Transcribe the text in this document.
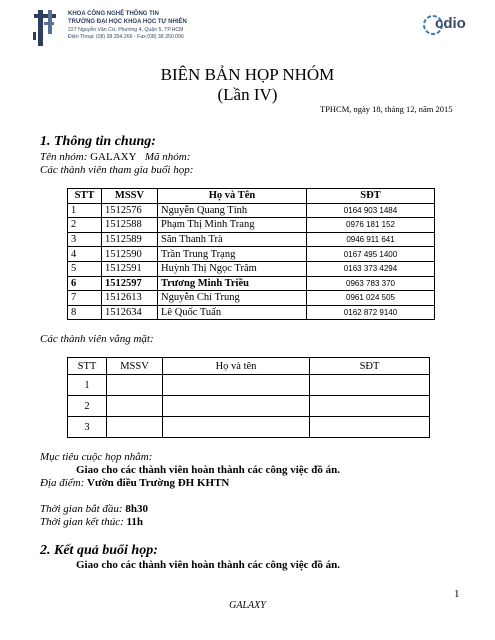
KHOA CÔNG NGHỆ THÔNG TIN
TRƯỜNG ĐẠI HỌC KHOA HỌC TỰ NHIÊN
227 Nguyễn Văn Cừ, Phường 4, Quận 5, TP.HCM
Điện Thoại: (08) 38.354.266 - Fax:(08) 38.350.096
cdio
BIÊN BẢN HỌP NHÓM
(Lần IV)
TPHCM, ngày 18, tháng 12, năm 2015
1. Thông tin chung:
Tên nhóm: GALAXY Mã nhóm:
Các thành viên tham gia buổi họp:
STT	MSSV	Họ và Tên	SĐT
1	1512576	Nguyễn Quang Tính	0164 903 1484
2	1512588	Phạm Thị Minh Trang	0976 181 152
3	1512589	Săn Thanh Trà	0946 911 641
4	1512590	Trần Trung Trạng	0167 495 1400
5	1512591	Huỳnh Thị Ngọc Trâm	0163 373 4294
6	1512597	Trương Minh Triều	0963 783 370
7	1512613	Nguyễn Chí Trung	0961 024 505
8	1512634	Lê Quốc Tuấn	0162 872 9140
Các thành viên vắng mặt:
STT	MSSV	Họ và tên	SĐT
1			
2			
3			
Mục tiêu cuộc họp nhằm:
Giao cho các thành viên hoàn thành các công việc đồ án.
Địa điểm: Vườn điều Trường ĐH KHTN
Thời gian bắt đầu: 8h30
Thời gian kết thúc: 11h
2. Kết quả buổi họp:
Giao cho các thành viên hoàn thành các công việc đồ án.
1
GALAXY
